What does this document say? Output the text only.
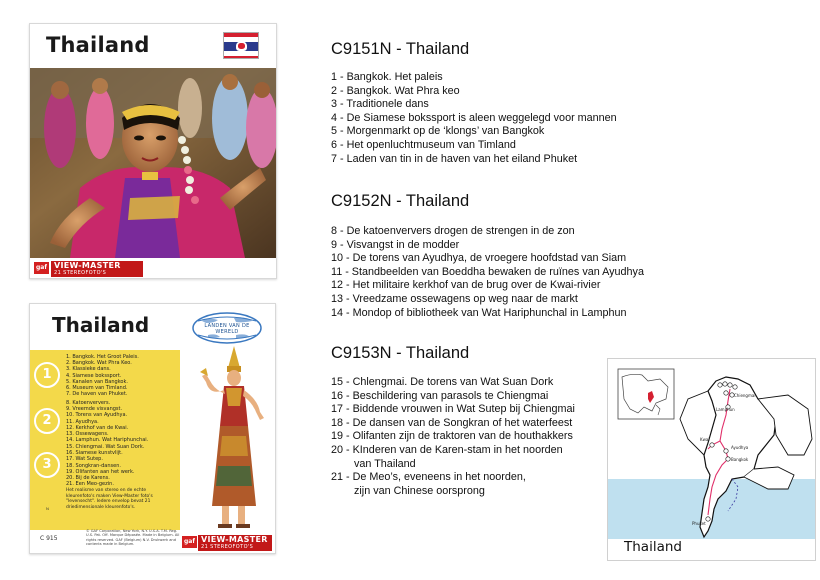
Thailand
gaf VIEW-MASTER
21 STEREOFOTO'S
Thailand	LANDEN VAN DE WERELD
1
1. Bangkok. Het Groot Paleis.
2. Bangkok. Wat Phra Keo.
3. Klassieke dans.
4. Siamese bokssport.
5. Kanalen van Bangkok.
6. Museum van Timland.
7. De haven van Phuket.
2
8. Katoenververs.
9. Vreemde visvangst.
10. Torens van Ayudhya.
11. Ayudhya.
12. Kerkhof van de Kwai.
13. Ossewagens.
14. Lamphun. Wat Hariphunchai.
3
15. Chiengmai. Wat Suan Dork.
16. Siamese kunstvlijt.
17. Wat Sutep.
18. Songkran-dansen.
19. Olifanten aan het werk.
20. Bij de Karens.
21. Een Meo-gezin.
Het realisme van stereo en de echte kleurenfoto's maken View-Master foto's "levensecht". Iedere envelop bevat 21 driedimensionale kleurenfoto's.
N
C 915
© GAF Corporation, New York, N.Y. U.S.A. T.M. Reg. U.S. Pat. Off. Marque Déposée. Made in Belgium. All rights reserved. GAF (Belgium) N.V. Drukwerk and contents made in Belgium.	gaf VIEW-MASTER
21 STEREOFOTO'S
C9151N - Thailand
1 - Bangkok. Het paleis
2 - Bangkok. Wat Phra keo
3 - Traditionele dans
4 - De Siamese bokssport is aleen weggelegd voor mannen
5 - Morgenmarkt op de ‘klongs’ van Bangkok
6 - Het openluchtmuseum van Timland
7 - Laden van tin in de haven van het eiland Phuket
C9152N - Thailand
8 - De katoenververs drogen de strengen in de zon
9 - Visvangst in de modder
10 - De torens van Ayudhya, de vroegere hoofdstad van Siam
11 - Standbeelden van Boeddha bewaken de ruïnes van Ayudhya
12 - Het militaire kerkhof van de brug over de Kwai-rivier
13 - Vreedzame ossewagens op weg naar de markt
14 - Mondop of bibliotheek van Wat Hariphunchal in Lamphun
C9153N - Thailand
15 - Chlengmai. De torens van Wat Suan Dork
16 - Beschildering van parasols te Chiengmai
17 - Biddende vrouwen in Wat Sutep bij Chiengmai
18 - De dansen van de Songkran of het waterfeest
19 - Olifanten zijn de traktoren van de houthakkers
20 - KInderen van de Karen-stam in het noorden
van Thailand
21 - De Meo’s, eveneens in het noorden,
zijn van Chinese oorsprong
Chiengmai
Lamphun
Ayudhya
Bangkok
Kwai
Phuket
Thailand
